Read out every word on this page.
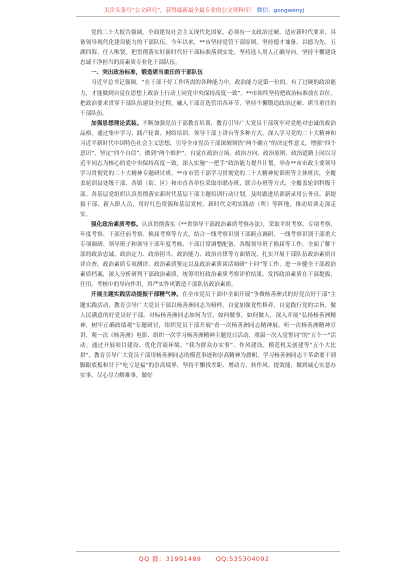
关注头条号“公文研究”，获得最新最全最专业的公文资料库！ 微信：gongwenyj

党的二十大报告强调，全面建设社会主义现代化国家，必须有一支政治过硬、适应新时代要求、具备领导现代化建设能力的干部队伍。今年以来，**市坚持党管干部原则，坚持德才兼备、以德为先、五湖四海、任人唯贤，把贯彻落实好新时代好干部标准落到实处，坚持选人用人正确导向，坚持不懈建设忠诚干净担当的高素质专业化干部队伍。

一、突出政治标准，锻造堪当重任的干部队伍

习近平总书记强调，“在干部干好工作所需的各种能力中，政治能力是第一位的。有了过硬的政治能力，才能做到自觉在思想上政治上行动上同党中央保持高度一致”。**市始终坚持把政治标准放在首位，把政治要求贯穿干部队伍建设全过程，融入干部育选管用各环节，坚持不懈锻造政治过硬、堪当重任的干部队伍。

加强思想理论武装。不断加强党员干部教育培训，教育引导广大党员干部筑牢对党绝对忠诚的政治品格。通过集中学习、践产轮训、网络培训、领导干部上讲台等多种方式，深入学习党的二十大精神和习近平新时代中国特色社会主义思想，引导全市党员干部深刻领悟“两个确立”的决定性意义，增强“四个意识”、坚定“四个自信”、做到“两个维护”，自觉在政治立场、政治方向、政治原则、政治道路上同以习近平同志为核心的党中央保持高度一致。深入实施“一把手”政治能力提升计划，举办**市市政主要领导学习贯彻党的二十大精神专题研讨班、**市市管干部学习贯彻党的二十大精神轮训班等主体班次，全覆盖轮训县处级干部、各镇（街、区）和市直各单位采取串联办班、联合办班等方式，全覆盖轮训科级干部。各基层党组织认真贯彻落实新时代基层干部主题培训行动计划，及时跟进培训新录用公务员、新提拔干部、新入职人员，用好红色资源和基层党校、新时代文明实践站（所）等阵地，推动培训走深走实。

强化政治素质考察。认真贯彻落实《**省领导干部政治素质考察办法》，采取平时考察、专项考察、年度考察、干部任前考察、换届考察等方式，结合一线考察识别干部跨点调研、一线考察识别干部重大专项调研、领导班子和领导干部年度考核、干部日常调整配备、各级领导班子换届等工作，全面了解干部的政治忠诚、政治定力、政治担当、政治能力、政治自律等方面情况，扎实开展干部队伍政治素质自评自查、政治素质专项测评、政治素质鉴定以及政治素质谈话调研“十问”等工作，进一步健全干部政治素质档案，深入分析研判干部政治素质，统筹用好政治素质考察评价结果，发挥政治素质在干部提拔、任用、考核中的导向作用，用严实作风锻造干部队伍政治素质。

开展主题实践活动提振干部精气神。在全市党员干部中全面开展“争做杨善洲式的好党员好干部”主题实践活动，教育引导广大党员干部以杨善洲同志为榜样，自觉加强党性修养，自觉践行党的宗旨，做人民满意的好党员好干部。对标杨善洲同志如何为官，如何做事，如何做人，深入开展“弘扬杨善洲精神，树牢正确政绩观”专题研讨，组织党员干部开展“看一次杨善洲同志精神展、听一次杨善洲精神宣讲、观一次《杨善洲》电影、组织一次学习杨善洲精神主题党日活动、重温一次入党誓词”的“五个一”活动。通过开展项目建设、优化营商环境、“我为群众办实事”、作风建设、模范机关创建等“五个大比拼”，教育引导广大党员干部用杨善洲同志的模范事迹和崇高精神为旗帜，学习杨善洲同志干革命要干到脚跟底板和甘于“吃亏是福”的崇高境界，坚持不懈找差距、增动力、转作风、提效能，做到诚心实意办实事，尽心尽力解难事，做好

QQ 群：31991489 QQ:535304092
